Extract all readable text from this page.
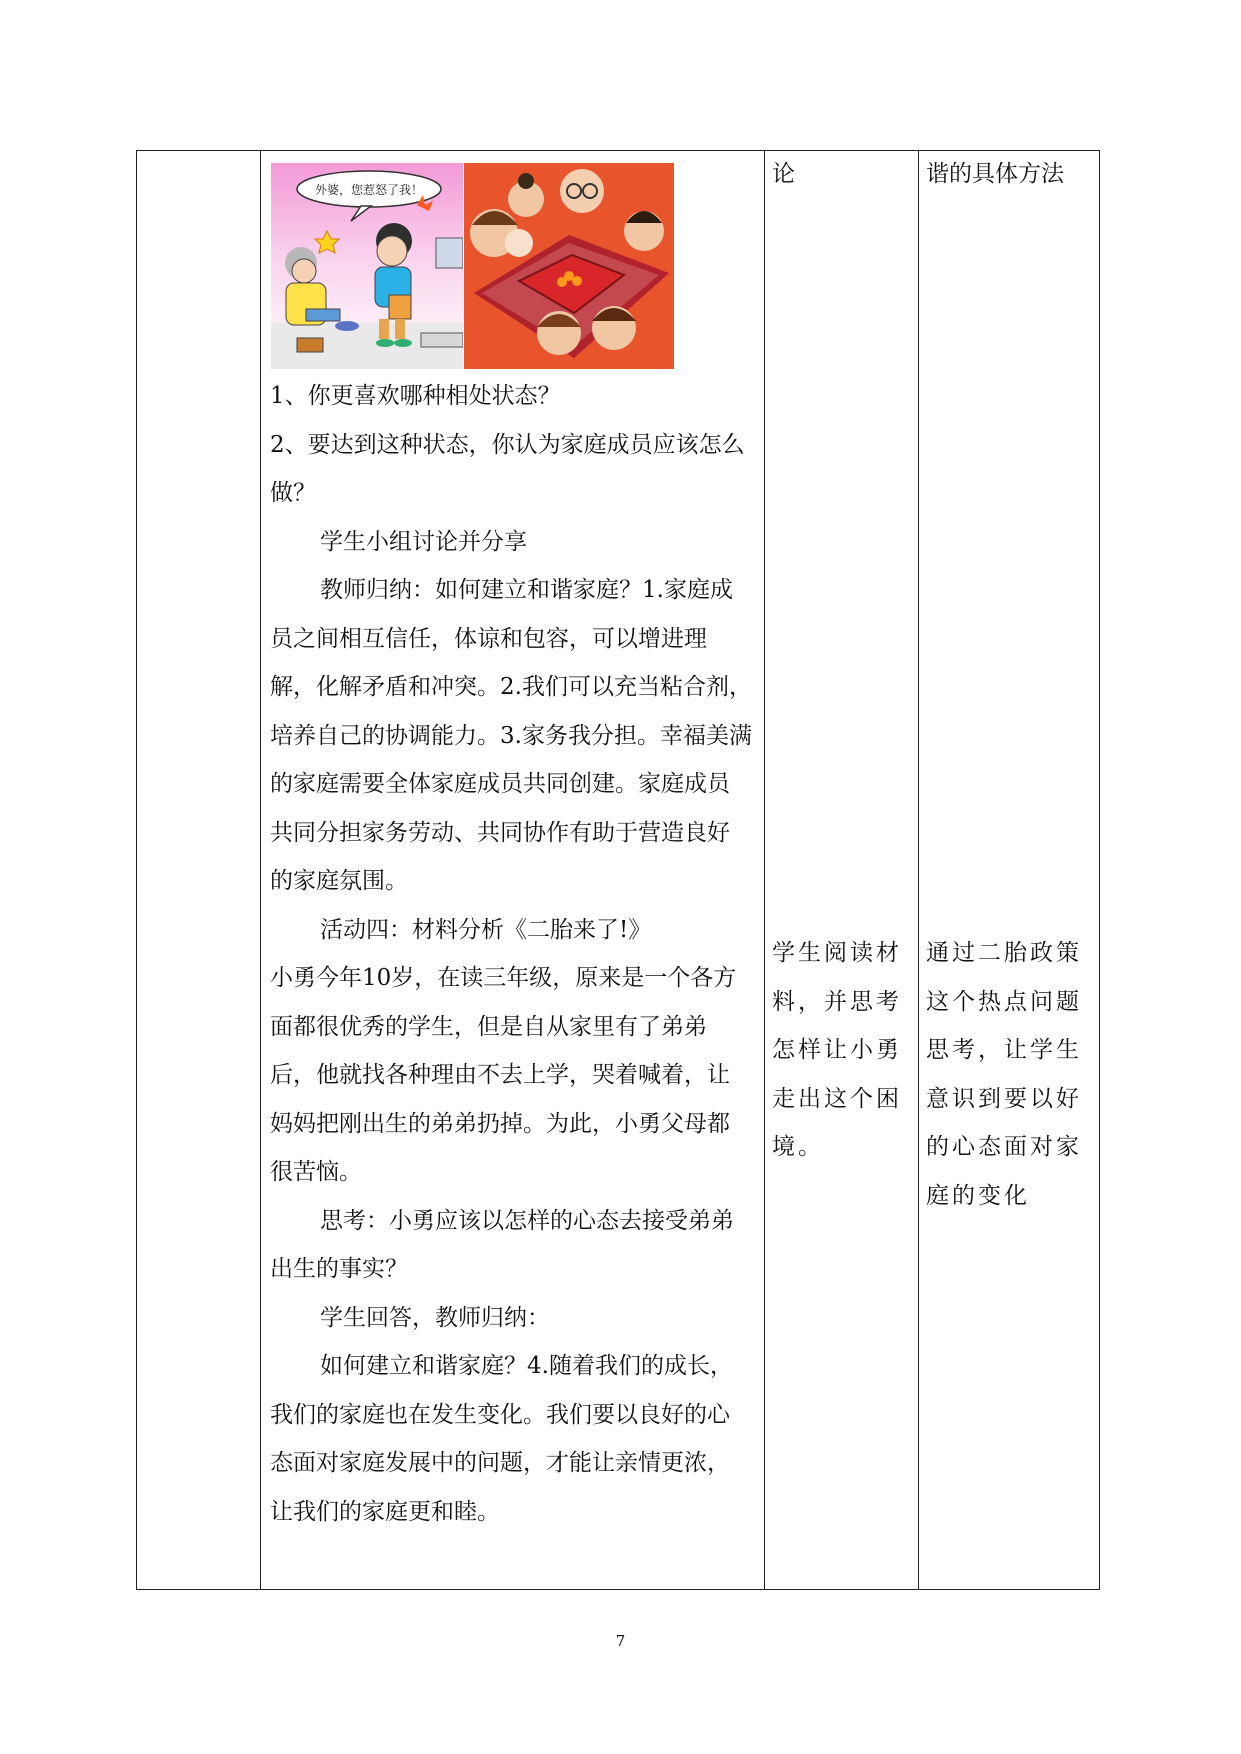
外婆，您惹怒了我！

1、你更喜欢哪种相处状态？

2、要达到这种状态，你认为家庭成员应该怎么做？

学生小组讨论并分享

教师归纳：如何建立和谐家庭？1.家庭成员之间相互信任，体谅和包容，可以增进理解，化解矛盾和冲突。2.我们可以充当粘合剂，培养自己的协调能力。3.家务我分担。幸福美满的家庭需要全体家庭成员共同创建。家庭成员共同分担家务劳动、共同协作有助于营造良好的家庭氛围。

活动四：材料分析《二胎来了!》

小勇今年10岁，在读三年级，原来是一个各方面都很优秀的学生，但是自从家里有了弟弟后，他就找各种理由不去上学，哭着喊着，让妈妈把刚出生的弟弟扔掉。为此，小勇父母都很苦恼。

思考：小勇应该以怎样的心态去接受弟弟出生的事实？

学生回答，教师归纳：

如何建立和谐家庭？4.随着我们的成长，我们的家庭也在发生变化。我们要以良好的心态面对家庭发展中的问题，才能让亲情更浓，让我们的家庭更和睦。

论
学生阅读材料，并思考怎样让小勇走出这个困境。
谐的具体方法
通过二胎政策这个热点问题思考，让学生意识到要以好的心态面对家庭的变化
7
